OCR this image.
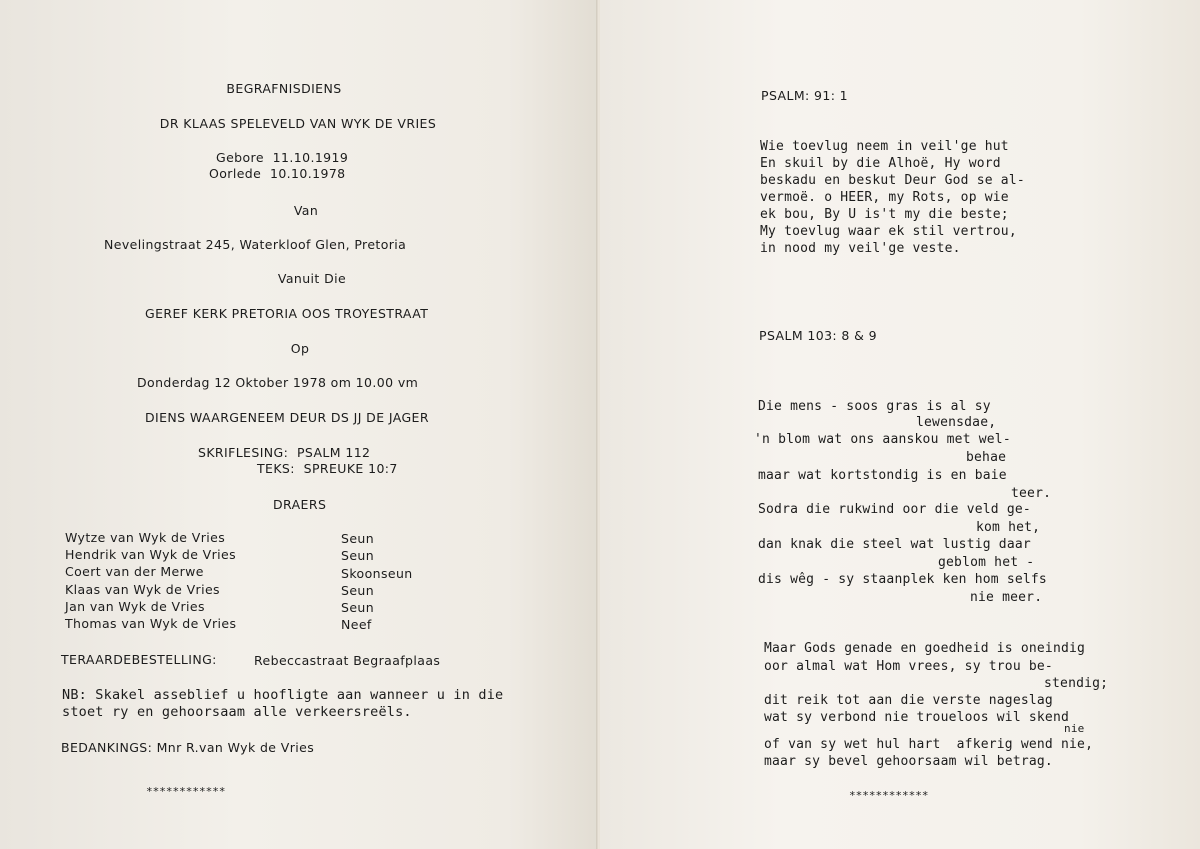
BEGRAFNISDIENS
DR KLAAS SPELEVELD VAN WYK DE VRIES
Gebore  11.10.1919
Oorlede  10.10.1978
Van
Nevelingstraat 245, Waterkloof Glen, Pretoria
Vanuit Die
GEREF KERK PRETORIA OOS TROYESTRAAT
Op
Donderdag 12 Oktober 1978 om 10.00 vm
DIENS WAARGENEEM DEUR DS JJ DE JAGER
SKRIFLESING:  PSALM 112
TEKS:  SPREUKE 10:7
DRAERS
Wytze van Wyk de Vries	Seun
Hendrik van Wyk de Vries	Seun
Coert van der Merwe	Skoonseun
Klaas van Wyk de Vries	Seun
Jan van Wyk de Vries	Seun
Thomas van Wyk de Vries	Neef
TERAARDEBESTELLING:	Rebeccastraat Begraafplaas
NB: Skakel asseblief u hoofligte aan wanneer u in die
stoet ry en gehoorsaam alle verkeersreëls.
BEDANKINGS: Mnr R.van Wyk de Vries
************
PSALM: 91: 1
Wie toevlug neem in veil'ge hut
En skuil by die Alhoë, Hy word
beskadu en beskut Deur God se al-
vermoë. o HEER, my Rots, op wie
ek bou, By U is't my die beste;
My toevlug waar ek stil vertrou,
in nood my veil'ge veste.
PSALM 103: 8 & 9
Die mens - soos gras is al sy
lewensdae,
'n blom wat ons aanskou met wel-
behae
maar wat kortstondig is en baie
teer.
Sodra die rukwind oor die veld ge-
kom het,
dan knak die steel wat lustig daar
geblom het -
dis wêg - sy staanplek ken hom selfs
nie meer.
Maar Gods genade en goedheid is oneindig
oor almal wat Hom vrees, sy trou be-
stendig;
dit reik tot aan die verste nageslag
wat sy verbond nie troueloos wil skend
nie
of van sy wet hul hart  afkerig wend nie,
maar sy bevel gehoorsaam wil betrag.
************
